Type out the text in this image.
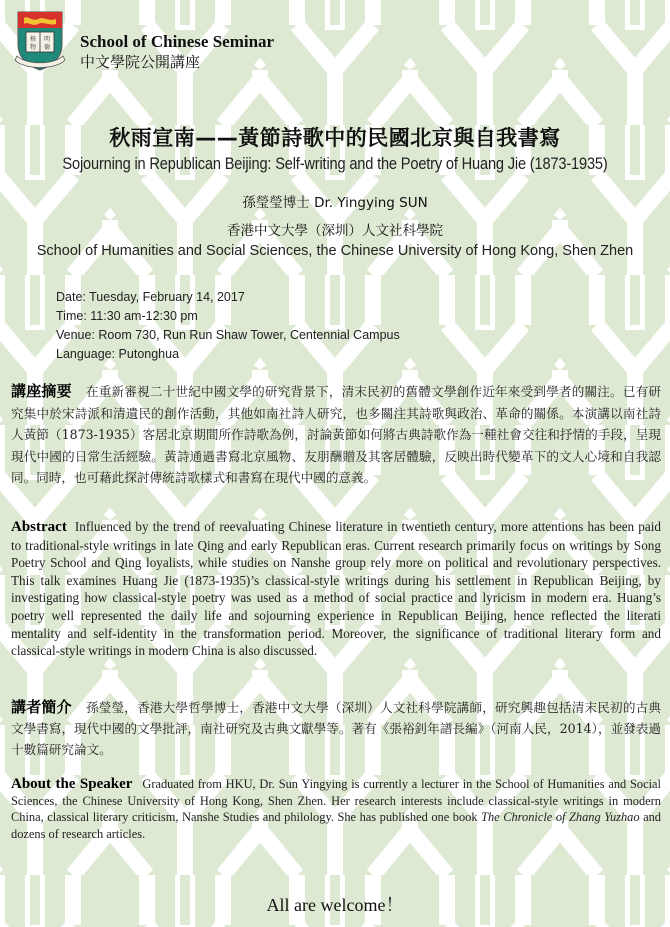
格 明
物 德 School of Chinese Seminar
中文學院公開講座
秋雨宣南——黃節詩歌中的民國北京與自我書寫
Sojourning in Republican Beijing: Self-writing and the Poetry of Huang Jie (1873-1935)
孫瑩瑩博士 Dr. Yingying SUN
香港中文大學（深圳）人文社科學院
School of Humanities and Social Sciences, the Chinese University of Hong Kong, Shen Zhen
Date: Tuesday, February 14, 2017
Time: 11:30 am-12:30 pm
Venue: Room 730, Run Run Shaw Tower, Centennial Campus
Language: Putonghua
講座摘要 在重新審視二十世紀中國文學的研究背景下，清末民初的舊體文學創作近年來受到學者的關注。已有研究集中於宋詩派和清遺民的創作活動，其他如南社詩人研究，也多關注其詩歌與政治、革命的關係。本演講以南社詩人黃節（1873-1935）客居北京期間所作詩歌為例，討論黃節如何將古典詩歌作為一種社會交往和抒情的手段，呈現現代中國的日常生活經驗。黃詩通過書寫北京風物、友朋酬贈及其客居體驗，反映出時代變革下的文人心境和自我認同。同時，也可藉此探討傳統詩歌樣式和書寫在現代中國的意義。
Abstract Influenced by the trend of reevaluating Chinese literature in twentieth century, more attentions has been paid to traditional-style writings in late Qing and early Republican eras. Current research primarily focus on writings by Song Poetry School and Qing loyalists, while studies on Nanshe group rely more on political and revolutionary perspectives. This talk examines Huang Jie (1873-1935)’s classical-style writings during his settlement in Republican Beijing, by investigating how classical-style poetry was used as a method of social practice and lyricism in modern era. Huang’s poetry well represented the daily life and sojourning experience in Republican Beijing, hence reflected the literati mentality and self-identity in the transformation period. Moreover, the significance of traditional literary form and classical-style writings in modern China is also discussed.
講者簡介 孫瑩瑩，香港大學哲學博士，香港中文大學（深圳）人文社科學院講師，研究興趣包括清末民初的古典文學書寫，現代中國的文學批評，南社研究及古典文獻學等。著有《張裕釗年譜長編》（河南人民，2014），並發表過十數篇研究論文。
About the Speaker Graduated from HKU, Dr. Sun Yingying is currently a lecturer in the School of Humanities and Social Sciences, the Chinese University of Hong Kong, Shen Zhen. Her research interests include classical-style writings in modern China, classical literary criticism, Nanshe Studies and philology. She has published one book The Chronicle of Zhang Yuzhao and dozens of research articles.
All are welcome！
